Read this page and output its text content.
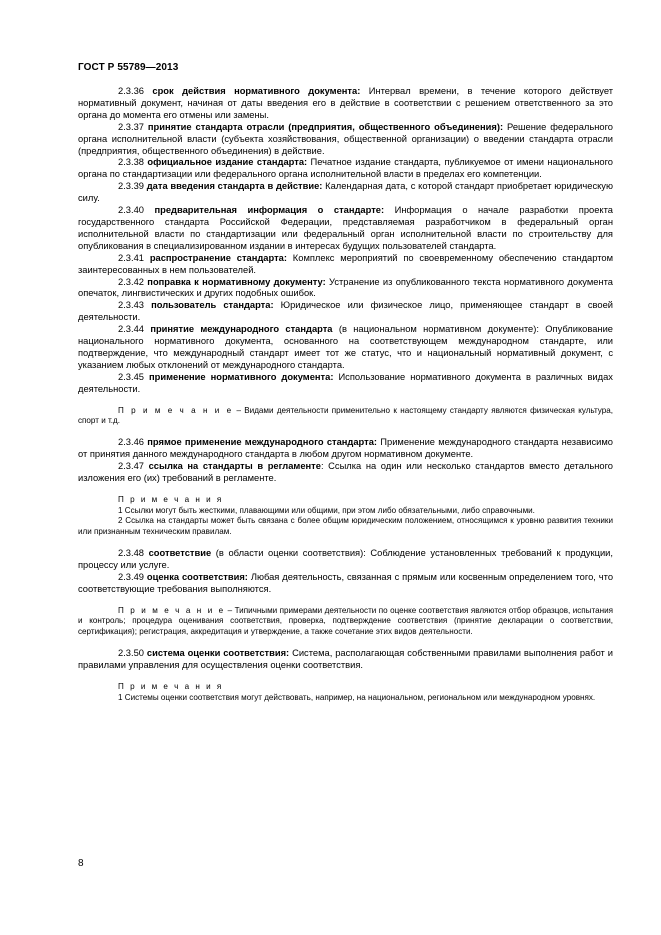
ГОСТ Р 55789—2013

2.3.36 срок действия нормативного документа: Интервал времени, в течение которого действует нормативный документ, начиная от даты введения его в действие в соответствии с решением ответственного за это органа до момента его отмены или замены.

2.3.37 принятие стандарта отрасли (предприятия, общественного объединения): Решение федерального органа исполнительной власти (субъекта хозяйствования, общественной организации) о введении стандарта отрасли (предприятия, общественного объединения) в действие.

2.3.38 официальное издание стандарта: Печатное издание стандарта, публикуемое от имени национального органа по стандартизации или федерального органа исполнительной власти в пределах его компетенции.

2.3.39 дата введения стандарта в действие: Календарная дата, с которой стандарт приобретает юридическую силу.

2.3.40 предварительная информация о стандарте: Информация о начале разработки проекта государственного стандарта Российской Федерации, представляемая разработчиком в федеральный орган исполнительной власти по стандартизации или федеральный орган исполнительной власти по строительству для опубликования в специализированном издании в интересах будущих пользователей стандарта.

2.3.41 распространение стандарта: Комплекс мероприятий по своевременному обеспечению стандартом заинтересованных в нем пользователей.

2.3.42 поправка к нормативному документу: Устранение из опубликованного текста нормативного документа опечаток, лингвистических и других подобных ошибок.

2.3.43 пользователь стандарта: Юридическое или физическое лицо, применяющее стандарт в своей деятельности.

2.3.44 принятие международного стандарта (в национальном нормативном документе): Опубликование национального нормативного документа, основанного на соответствующем международном стандарте, или подтверждение, что международный стандарт имеет тот же статус, что и национальный нормативный документ, с указанием любых отклонений от международного стандарта.

2.3.45 применение нормативного документа: Использование нормативного документа в различных видах деятельности.

П р и м е ч а н и е – Видами деятельности применительно к настоящему стандарту являются физическая культура, спорт и т.д.

2.3.46 прямое применение международного стандарта: Применение международного стандарта независимо от принятия данного международного стандарта в любом другом нормативном документе.

2.3.47 ссылка на стандарты в регламенте: Ссылка на один или несколько стандартов вместо детального изложения его (их) требований в регламенте.

П р и м е ч а н и я

1 Ссылки могут быть жесткими, плавающими или общими, при этом либо обязательными, либо справочными.

2 Ссылка на стандарты может быть связана с более общим юридическим положением, относящимся к уровню развития техники или признанным техническим правилам.

2.3.48 соответствие (в области оценки соответствия): Соблюдение установленных требований к продукции, процессу или услуге.

2.3.49 оценка соответствия: Любая деятельность, связанная с прямым или косвенным определением того, что соответствующие требования выполняются.

П р и м е ч а н и е – Типичными примерами деятельности по оценке соответствия являются отбор образцов, испытания и контроль; процедура оценивания соответствия, проверка, подтверждение соответствия (принятие декларации о соответствии, сертификация); регистрация, аккредитация и утверждение, а также сочетание этих видов деятельности.

2.3.50 система оценки соответствия: Система, располагающая собственными правилами выполнения работ и правилами управления для осуществления оценки соответствия.

П р и м е ч а н и я

1 Системы оценки соответствия могут действовать, например, на национальном, региональном или международном уровнях.

8
